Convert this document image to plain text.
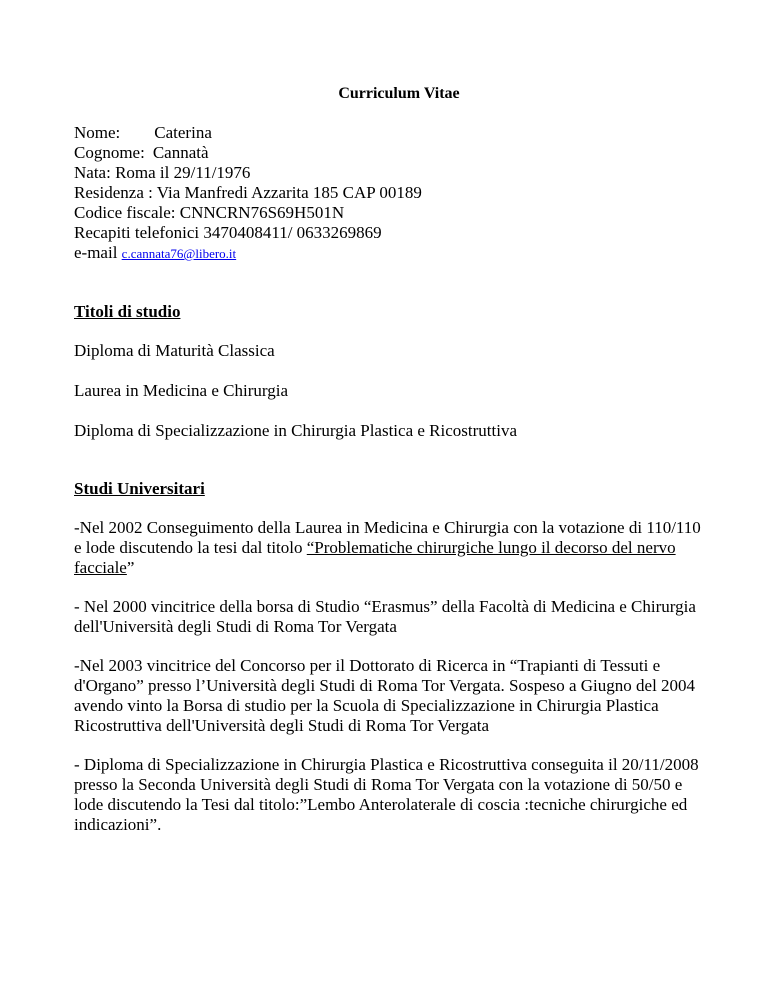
Curriculum Vitae

Nome: Caterina

Cognome: Cannatà

Nata: Roma il 29/11/1976

Residenza : Via Manfredi Azzarita 185 CAP 00189

Codice fiscale: CNNCRN76S69H501N

Recapiti telefonici 3470408411/ 0633269869

e-mail c.cannata76@libero.it

Titoli di studio

Diploma di Maturità Classica

Laurea in Medicina e Chirurgia

Diploma di Specializzazione in Chirurgia Plastica e Ricostruttiva

Studi Universitari

-Nel 2002 Conseguimento della Laurea in Medicina e Chirurgia con la votazione di 110/110 e lode discutendo la tesi dal titolo “Problematiche chirurgiche lungo il decorso del nervo facciale”

- Nel 2000 vincitrice della borsa di Studio “Erasmus” della Facoltà di Medicina e Chirurgia dell'Università degli Studi di Roma Tor Vergata

-Nel 2003 vincitrice del Concorso per il Dottorato di Ricerca in “Trapianti di Tessuti e d'Organo” presso l’Università degli Studi di Roma Tor Vergata. Sospeso a Giugno del 2004 avendo vinto la Borsa di studio per la Scuola di Specializzazione in Chirurgia Plastica Ricostruttiva dell'Università degli Studi di Roma Tor Vergata

- Diploma di Specializzazione in Chirurgia Plastica e Ricostruttiva conseguita il 20/11/2008 presso la Seconda Università degli Studi di Roma Tor Vergata con la votazione di 50/50 e lode discutendo la Tesi dal titolo:”Lembo Anterolaterale di coscia :tecniche chirurgiche ed indicazioni”.
